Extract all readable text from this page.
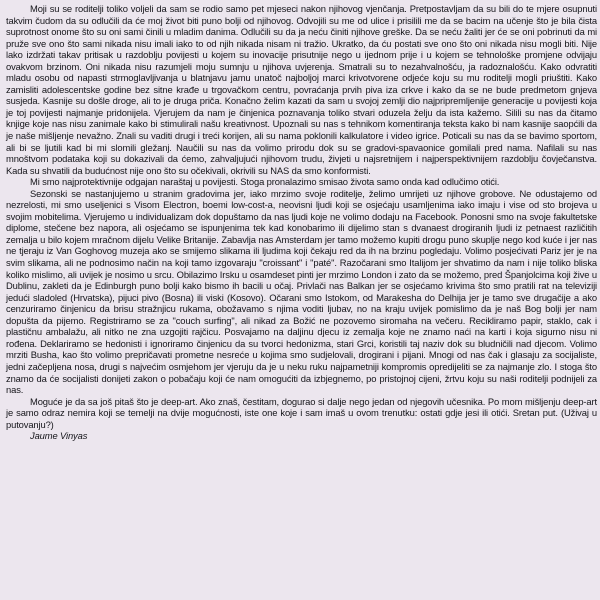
Moji su se roditelji toliko voljeli da sam se rodio samo pet mjeseci nakon njihovog vjenčanja. Pretpostavljam da su bili do te mjere osupnuti takvim čudom da su odlučili da će moj život biti puno bolji od njihovog. Odvojili su me od ulice i prisilili me da se bacim na učenje što je bila čista suprotnost onome što su oni sami činili u mladim danima. Odlučili su da ja neću činiti njihove greške. Da se neću žaliti jer će se oni pobrinuti da mi pruže sve ono što sami nikada nisu imali iako to od njih nikada nisam ni tražio. Ukratko, da ću postati sve ono što oni nikada nisu mogli biti. Nije lako izdržati takav pritisak u razdoblju povijesti u kojem su inovacije prisutnije nego u ijednom prije i u kojem se tehnološke promjene odvijaju ovakvom brzinom. Oni nikada nisu razumjeli moju sumnju u njihova uvjerenja. Smatrali su to nezahvalnošću, ja radoznalošću. Kako odvratiti mladu osobu od napasti strmoglavljivanja u blatnjavu jamu unatoč najboljoj marci krivotvorene odjeće koju su mu roditelji mogli priuštiti. Kako zamisliti adolescentske godine bez sitne krađe u trgovačkom centru, povraćanja prvih piva iza crkve i kako da se ne bude predmetom gnjeva susjeda. Kasnije su došle droge, ali to je druga priča. Konačno želim kazati da sam u svojoj zemlji dio najpripremljenije generacije u povijesti koja je toj povijesti najmanje pridonijela. Vjerujem da nam je činjenica poznavanja toliko stvari oduzela želju da ista kažemo. Silili su nas da čitamo knjige koje nas nisu zanimale kako bi stimulirali našu kreativnost. Upoznali su nas s tehnikom komentiranja teksta kako bi nam kasnije saopćili da je naše mišljenje nevažno. Znali su vaditi drugi i treći korijen, ali su nama poklonili kalkulatore i video igrice. Poticali su nas da se bavimo sportom, ali bi se ljutili kad bi mi slomili gležanj. Naučili su nas da volimo prirodu dok su se gradovi-spavaonice gomilali pred nama. Nafilali su nas mnoštvom podataka koji su dokazivali da ćemo, zahvaljujući njihovom trudu, živjeti u najsretnijem i najperspektivnijem razdoblju čovječanstva. Kada su shvatili da budućnost nije ono što su očekivali, okrivili su NAS da smo konformisti.

Mi smo najprotektivnije odgajan naraštaj u povijesti. Stoga pronalazimo smisao života samo onda kad odlučimo otići.

Sezonski se nastanjujemo u stranim gradovima jer, iako mrzimo svoje roditelje, želimo umrijeti uz njihove grobove. Ne odustajemo od nezrelosti, mi smo useljenici s Visom Electron, boemi low-cost-a, neovisni ljudi koji se osjećaju usamljenima iako imaju i vise od sto brojeva u svojim mobitelima. Vjerujemo u individualizam dok dopuštamo da nas ljudi koje ne volimo dodaju na Facebook. Ponosni smo na svoje fakultetske diplome, stečene bez napora, ali osjećamo se ispunjenima tek kad konobarimo ili dijelimo stan s dvanaest drogiranih ljudi iz petnaest različitih zemalja u bilo kojem mračnom dijelu Velike Britanije. Zabavlja nas Amsterdam jer tamo možemo kupiti drogu puno skuplje nego kod kuće i jer nas ne tjeraju iz Van Goghovog muzeja ako se smijemo slikama ili ljudima koji čekaju red da ih na brzinu pogledaju. Volimo posjećivati Pariz jer je na svim slikama, ali ne podnosimo način na koji tamo izgovaraju "croissant" i "paté". Razočarani smo Italijom jer shvatimo da nam i nije toliko bliska koliko mislimo, ali uvijek je nosimo u srcu. Obilazimo Irsku u osamdeset pinti jer mrzimo London i zato da se možemo, pred Španjolcima koji žive u Dublinu, zakleti da je Edinburgh puno bolji kako bismo ih bacili u očaj. Privlači nas Balkan jer se osjećamo krivima što smo pratili rat na televiziji jedući sladoled (Hrvatska), pijuci pivo (Bosna) ili viski (Kosovo). Očarani smo Istokom, od Marakesha do Delhija jer je tamo sve drugačije a ako cenzuriramo činjenicu da brisu stražnjicu rukama, obožavamo s njima voditi ljubav, no na kraju uvijek pomislimo da je naš Bog bolji jer nam dopušta da pijemo. Registriramo se za "couch surfing", ali nikad za Božić ne pozovemo siromaha na večeru. Recikliramo papir, staklo, cak i plastičnu ambalažu, ali nitko ne zna uzgojiti rajčicu. Posvajamo na daljinu djecu iz zemalja koje ne znamo naći na karti i koja sigurno nisu ni rođena. Deklariramo se hedonisti i ignoriramo činjenicu da su tvorci hedonizma, stari Grci, koristili taj naziv dok su bludničili nad djecom. Volimo mrziti Busha, kao što volimo prepričavati prometne nesreće u kojima smo sudjelovali, drogirani i pijani. Mnogi od nas čak i glasaju za socijaliste, jedni začepljena nosa, drugi s najvećim osmjehom jer vjeruju da je u neku ruku najpametniji kompromis opredijeliti se za najmanje zlo. I stoga što znamo da će socijalisti donijeti zakon o pobačaju koji će nam omogućiti da izbjegnemo, po pristojnoj cijeni, žrtvu koju su naši roditelji podnijeli za nas.

Moguće je da sa još pitaš što je deep-art. Ako znaš, čestitam, dogurao si dalje nego jedan od njegovih učesnika. Po mom mišljenju deep-art je samo odraz nemira koji se temelji na dvije mogućnosti, iste one koje i sam imaš u ovom trenutku: ostati gdje jesi ili otići. Sretan put. (Uživaj u putovanju?)

Jaume Vinyas
